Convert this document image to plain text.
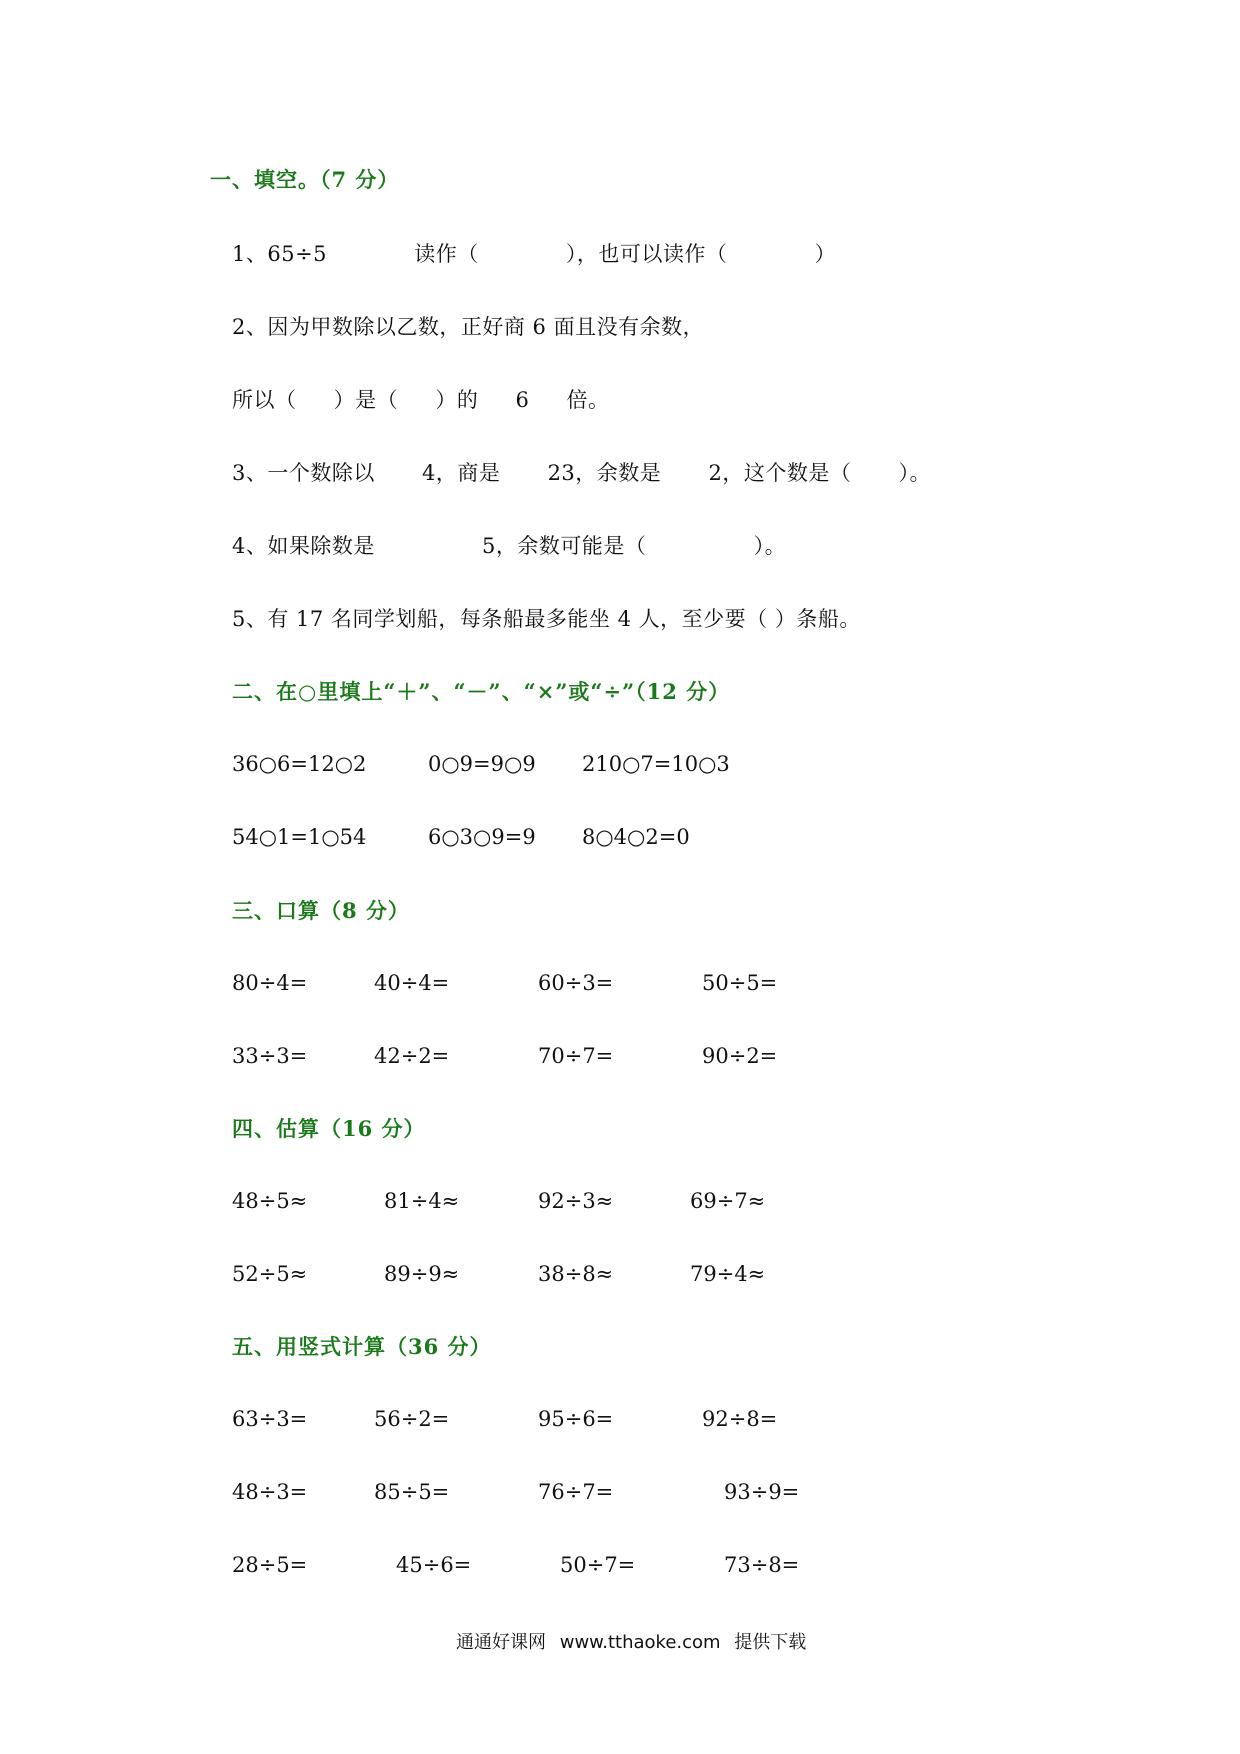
一、填空。（7 分）
1、65÷5 读作（ ），也可以读作（ ）
2、因为甲数除以乙数，正好商 6 面且没有余数，
所以（ ）是（ ）的 6 倍。
3、一个数除以 4，商是 23，余数是 2，这个数是（ ）。
4、如果除数是 5，余数可能是（ ）。
5、有 17 名同学划船，每条船最多能坐 4 人，至少要（ ）条船。
二、在○里填上“＋”、“－”、“×”或“÷”（12 分）
36○6=12○2	0○9=9○9 210○7=10○3
54○1=1○54	6○3○9=9 8○4○2=0
三、口算（8 分）
80÷4=	40÷4=	60÷3=	50÷5=
33÷3=	42÷2=	70÷7=	90÷2=
四、估算（16 分）
48÷5≈	81÷4≈	92÷3≈	69÷7≈
52÷5≈	89÷9≈	38÷8≈	79÷4≈
五、用竖式计算（36 分）
63÷3=	56÷2=	95÷6=	92÷8=
48÷3=	85÷5=	76÷7=	93÷9=
28÷5=	45÷6=	50÷7=	73÷8=
通通好课网 www.tthaoke.com 提供下载
